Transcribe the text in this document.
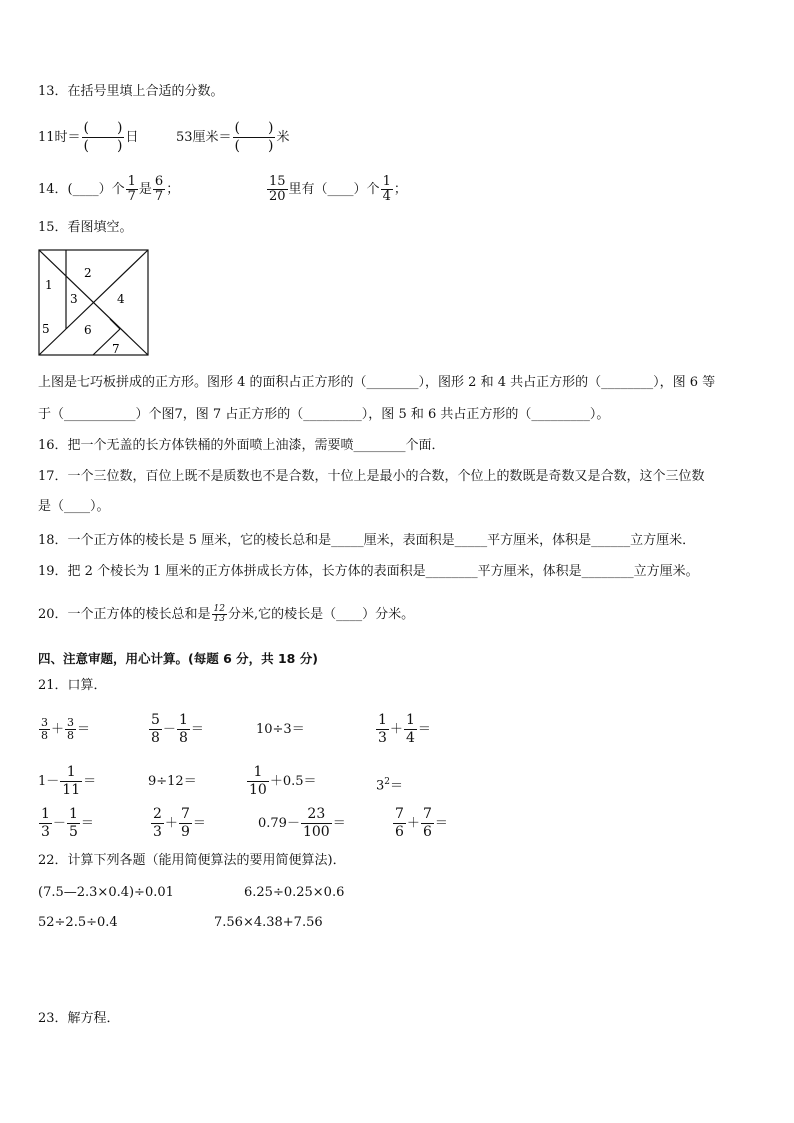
13．在括号里填上合适的分数。
11时＝ $\frac{( )}{( )}$ 日	53厘米＝ $\frac{( )}{( )}$ 米
14．(____）个 $\frac{1}{7}$ 是 $\frac{6}{7}$ ；	$\frac{15}{20}$ 里有（____）个 $\frac{1}{4}$ ；
15．看图填空。
2
1
3	4
5	6
7
上图是七巧板拼成的正方形。图形 4 的面积占正方形的（________），图形 2 和 4 共占正方形的（________），图 6 等
于（___________）个图7，图 7 占正方形的（_________），图 5 和 6 共占正方形的（_________）。
16．把一个无盖的长方体铁桶的外面喷上油漆，需要喷________个面．
17．一个三位数，百位上既不是质数也不是合数，十位上是最小的合数，个位上的数既是奇数又是合数，这个三位数
是（____）。
18．一个正方体的棱长是 5 厘米，它的棱长总和是_____厘米，表面积是_____平方厘米，体积是______立方厘米．
19．把 2 个棱长为 1 厘米的正方体拼成长方体，长方体的表面积是________平方厘米，体积是________立方厘米。
20．一个正方体的棱长总和是 $\frac{12}{13}$ 分米,它的棱长是（____）分米。
四、注意审题，用心计算。(每题 6 分，共 18 分)
21．口算．
$\frac{3}{8} + \frac{3}{8}$ ＝	$\frac{5}{8} - \frac{1}{8}$ ＝	10÷3＝	$\frac{1}{3} + \frac{1}{4}$ ＝
$1- \frac{1}{11}$ ＝	9÷12＝	$\frac{1}{10} +0.5=$	$3^2=$
$\frac{1}{3} - \frac{1}{5}$ ＝	$\frac{2}{3} + \frac{7}{9}$ ＝	$0.79- \frac{23}{100}$ ＝	$\frac{7}{6} + \frac{7}{6}$ ＝
22．计算下列各题（能用简便算法的要用简便算法)．
(7.5—2.3×0.4)÷0.01	6.25÷0.25×0.6
52÷2.5÷0.4	7.56×4.38+7.56
23．解方程．
